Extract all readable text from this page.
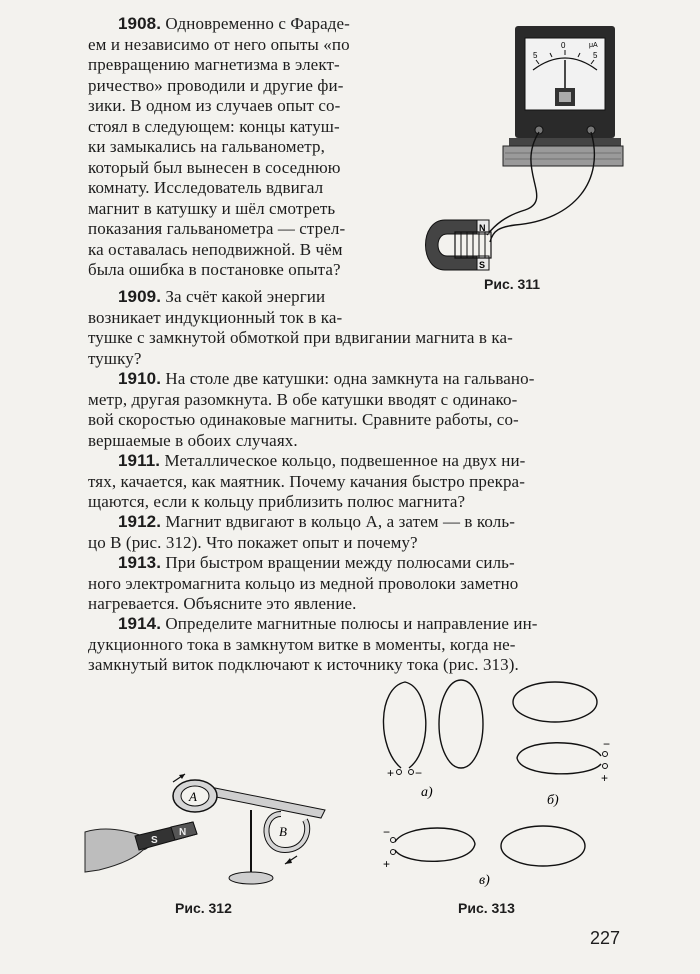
1908. Одновременно с Фараде-
ем и независимо от него опыты «по
превращению магнетизма в элект-
ричество» проводили и другие фи-
зики. В одном из случаев опыт со-
стоял в следующем: концы катуш-
ки замыкались на гальванометр,
который был вынесен в соседнюю
комнату. Исследователь вдвигал
магнит в катушку и шёл смотреть
показания гальванометра — стрел-
ка оставалась неподвижной. В чём
была ошибка в постановке опыта?
1909. За счёт какой энергии
возникает индукционный ток в ка-
тушке с замкнутой обмоткой при вдвигании магнита в ка-
тушку?
1910. На столе две катушки: одна замкнута на гальвано-
метр, другая разомкнута. В обе катушки вводят с одинако-
вой скоростью одинаковые магниты. Сравните работы, со-
вершаемые в обоих случаях.
1911. Металлическое кольцо, подвешенное на двух ни-
тях, качается, как маятник. Почему качания быстро прекра-
щаются, если к кольцу приблизить полюс магнита?
1912. Магнит вдвигают в кольцо A, а затем — в коль-
цо B (рис. 312). Что покажет опыт и почему?
1913. При быстром вращении между полюсами силь-
ного электромагнита кольцо из медной проволоки заметно
нагревается. Объясните это явление.
1914. Определите магнитные полюсы и направление ин-
дукционного тока в замкнутом витке в моменты, когда не-
замкнутый виток подключают к источнику тока (рис. 313).
0
5	5
μA
N
S
Рис. 311
A
B
N
S
Рис. 312
+ −
а)
−
+
б)
−
+
в)
Рис. 313
227
